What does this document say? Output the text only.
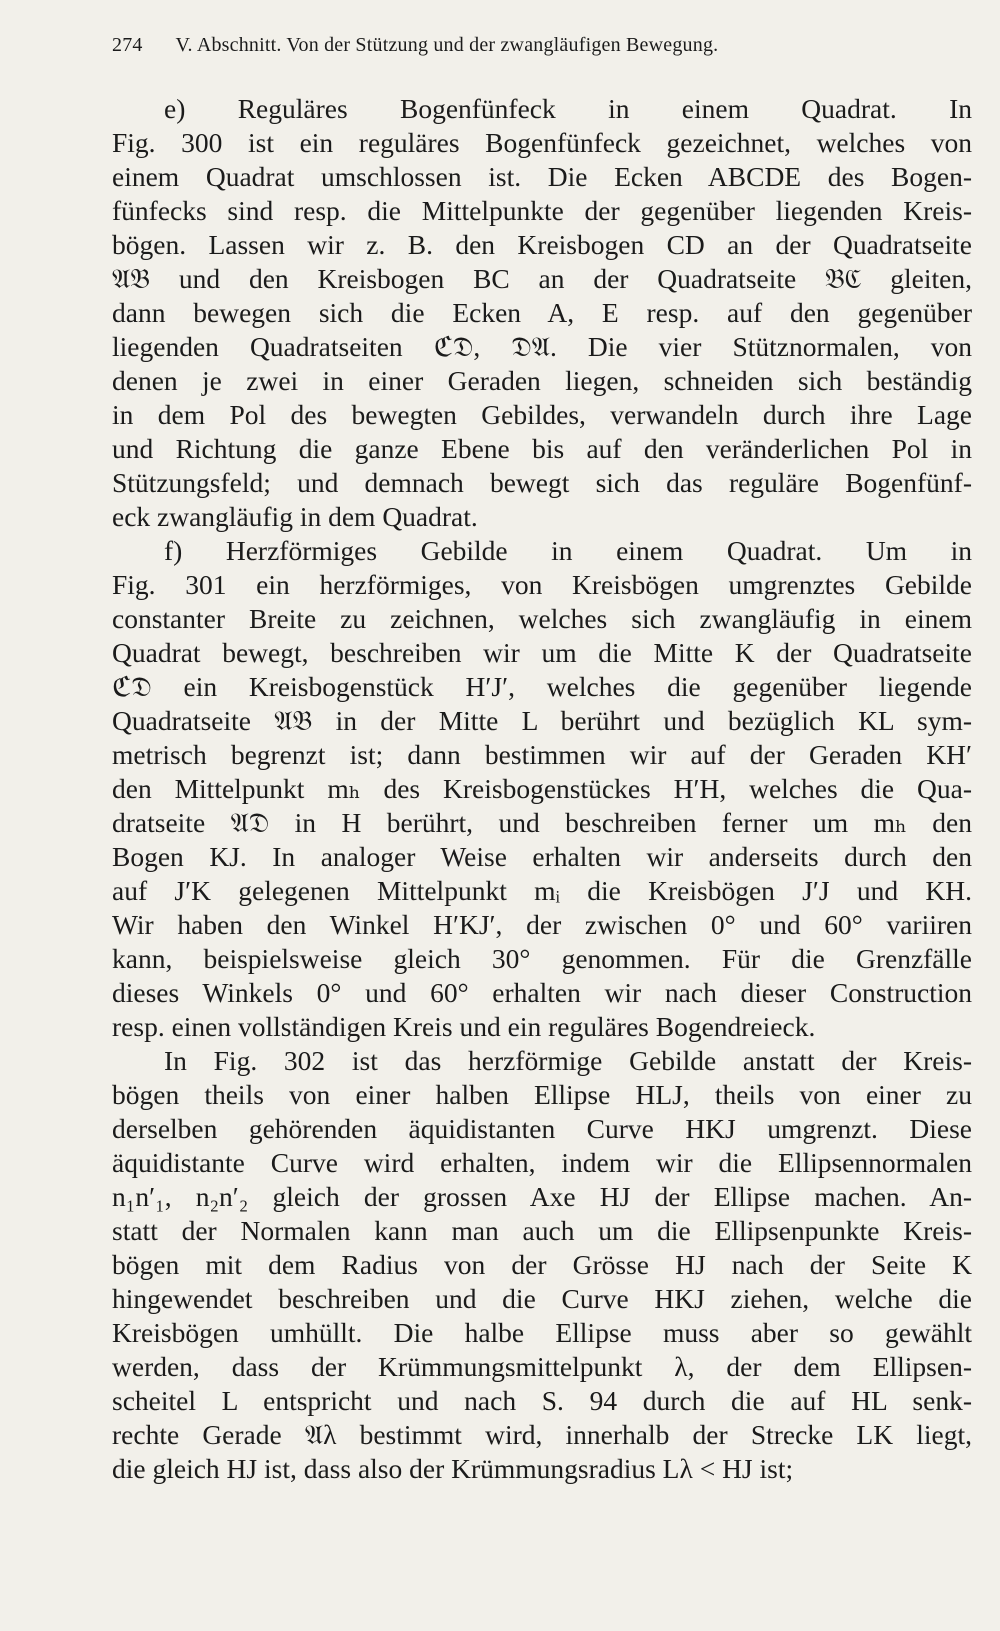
274 V. Abschnitt. Von der Stützung und der zwangläufigen Bewegung.
e) Reguläres Bogenfünfeck in einem Quadrat. In
Fig. 300 ist ein reguläres Bogenfünfeck gezeichnet, welches von
einem Quadrat umschlossen ist. Die Ecken ABCDE des Bogen-
fünfecks sind resp. die Mittelpunkte der gegenüber liegenden Kreis-
bögen. Lassen wir z. B. den Kreisbogen CD an der Quadratseite
𝔄𝔅 und den Kreisbogen BC an der Quadratseite 𝔅ℭ gleiten,
dann bewegen sich die Ecken A, E resp. auf den gegenüber
liegenden Quadratseiten ℭ𝔇, 𝔇𝔄. Die vier Stütznormalen, von
denen je zwei in einer Geraden liegen, schneiden sich beständig
in dem Pol des bewegten Gebildes, verwandeln durch ihre Lage
und Richtung die ganze Ebene bis auf den veränderlichen Pol in
Stützungsfeld; und demnach bewegt sich das reguläre Bogenfünf-
eck zwangläufig in dem Quadrat.
f) Herzförmiges Gebilde in einem Quadrat. Um in
Fig. 301 ein herzförmiges, von Kreisbögen umgrenztes Gebilde
constanter Breite zu zeichnen, welches sich zwangläufig in einem
Quadrat bewegt, beschreiben wir um die Mitte K der Quadratseite
ℭ𝔇 ein Kreisbogenstück H′J′, welches die gegenüber liegende
Quadratseite 𝔄𝔅 in der Mitte L berührt und bezüglich KL sym-
metrisch begrenzt ist; dann bestimmen wir auf der Geraden KH′
den Mittelpunkt mₕ des Kreisbogenstückes H′H, welches die Qua-
dratseite 𝔄𝔇 in H berührt, und beschreiben ferner um mₕ den
Bogen KJ. In analoger Weise erhalten wir anderseits durch den
auf J′K gelegenen Mittelpunkt mᵢ die Kreisbögen J′J und KH.
Wir haben den Winkel H′KJ′, der zwischen 0° und 60° variiren
kann, beispielsweise gleich 30° genommen. Für die Grenzfälle
dieses Winkels 0° und 60° erhalten wir nach dieser Construction
resp. einen vollständigen Kreis und ein reguläres Bogendreieck.
In Fig. 302 ist das herzförmige Gebilde anstatt der Kreis-
bögen theils von einer halben Ellipse HLJ, theils von einer zu
derselben gehörenden äquidistanten Curve HKJ umgrenzt. Diese
äquidistante Curve wird erhalten, indem wir die Ellipsennormalen
n₁n′₁, n₂n′₂ gleich der grossen Axe HJ der Ellipse machen. An-
statt der Normalen kann man auch um die Ellipsenpunkte Kreis-
bögen mit dem Radius von der Grösse HJ nach der Seite K
hingewendet beschreiben und die Curve HKJ ziehen, welche die
Kreisbögen umhüllt. Die halbe Ellipse muss aber so gewählt
werden, dass der Krümmungsmittelpunkt λ, der dem Ellipsen-
scheitel L entspricht und nach S. 94 durch die auf HL senk-
rechte Gerade 𝔄λ bestimmt wird, innerhalb der Strecke LK liegt,
die gleich HJ ist, dass also der Krümmungsradius Lλ < HJ ist;
